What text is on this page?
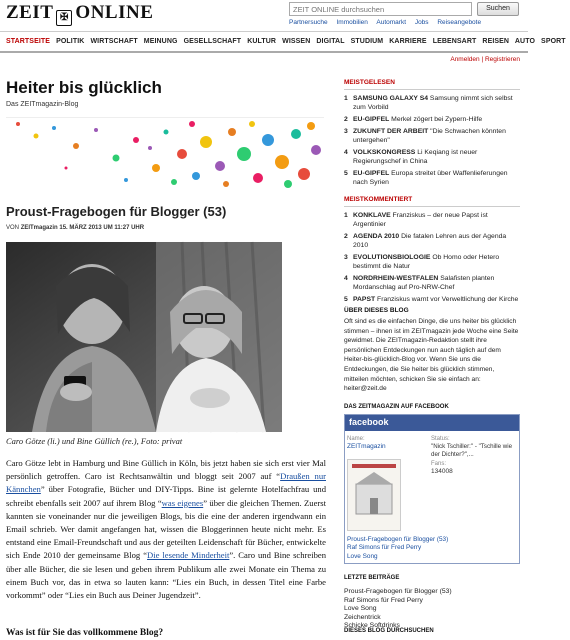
ZEIT ✠ ONLINE
ZEIT ONLINE durchsuchen	Suchen
Partnersuche Immobilien Automarkt Jobs Reiseangebote
STARTSEITE POLITIK WIRTSCHAFT MEINUNG GESELLSCHAFT KULTUR WISSEN DIGITAL STUDIUM KARRIERE LEBENSART REISEN AUTO SPORT
Anmelden | Registrieren
Heiter bis glücklich
Das ZEITmagazin-Blog
Proust-Fragebogen für Blogger (53)
VON ZEITmagazin 15. MÄRZ 2013 UM 11:27 UHR
Caro Götze (li.) und Bine Güllich (re.), Foto: privat
Caro Götze lebt in Hamburg und Bine Güllich in Köln, bis jetzt haben sie sich erst vier Mal persönlich getroffen. Caro ist Rechtsanwältin und bloggt seit 2007 auf “Draußen nur Kännchen” über Fotografie, Bücher und DIY-Tipps. Bine ist gelernte Hotelfachfrau und schreibt ebenfalls seit 2007 auf ihrem Blog “was eigenes” über die gleichen Themen. Zuerst kannten sie voneinander nur die jeweiligen Blogs, bis die eine der anderen irgendwann ein Email schrieb. Wer damit angefangen hat, wissen die Bloggerinnen heute nicht mehr. Es entstand eine Email-Freundschaft und aus der geteilten Leidenschaft für Bücher, entwickelte sich Ende 2010 der gemeinsame Blog “Die lesende Minderheit”. Caro und Bine schreiben über alle Bücher, die sie lesen und geben ihrem Publikum alle zwei Monate ein Thema zu einem Buch vor, das in etwa so lauten kann: “Lies ein Buch, in dessen Titel eine Farbe vorkommt” oder “Lies ein Buch aus Deiner Jugendzeit”.
Was ist für Sie das vollkommene Blog?
MEISTGELESEN
1 SAMSUNG GALAXY S4 Samsung nimmt sich selbst zum Vorbild
2 EU-GIPFEL Merkel zögert bei Zypern-Hilfe
3 ZUKUNFT DER ARBEIT "Die Schwachen könnten untergehen"
4 VOLKSKONGRESS Li Keqiang ist neuer Regierungschef in China
5 EU-GIPFEL Europa streitet über Waffenlieferungen nach Syrien
MEISTKOMMENTIERT
1 KONKLAVE Franziskus – der neue Papst ist Argentinier
2 AGENDA 2010 Die fatalen Lehren aus der Agenda 2010
3 EVOLUTIONSBIOLOGIE Ob Homo oder Hetero bestimmt die Natur
4 NORDRHEIN-WESTFALEN Salafisten planten Mordanschlag auf Pro-NRW-Chef
5 PAPST Franziskus warnt vor Verweltlichung der Kirche
ÜBER DIESES BLOG
Oft sind es die einfachen Dinge, die uns heiter bis glücklich stimmen – ihnen ist im ZEITmagazin jede Woche eine Seite gewidmet. Die ZEITmagazin-Redaktion stellt ihre persönlichen Entdeckungen nun auch täglich auf dem Heiter-bis-glücklich-Blog vor. Wenn Sie uns die Entdeckungen, die Sie heiter bis glücklich stimmen, mitteilen möchten, schicken Sie sie einfach an: heiter@zeit.de
DAS ZEITMAGAZIN AUF FACEBOOK
facebook
Name:
ZEITmagazin
Status:
"Nick Tschiller:" - "Tschille wie der Dichter?",...
Fans:
134008
Proust-Fragebogen für Blogger (53)
Raf Simons für Fred Perry
Love Song
LETZTE BEITRÄGE
Proust-Fragebogen für Blogger (53)
Raf Simons für Fred Perry
Love Song
Zeichentrick
Schicke Softdrinks
DIESES BLOG DURCHSUCHEN
